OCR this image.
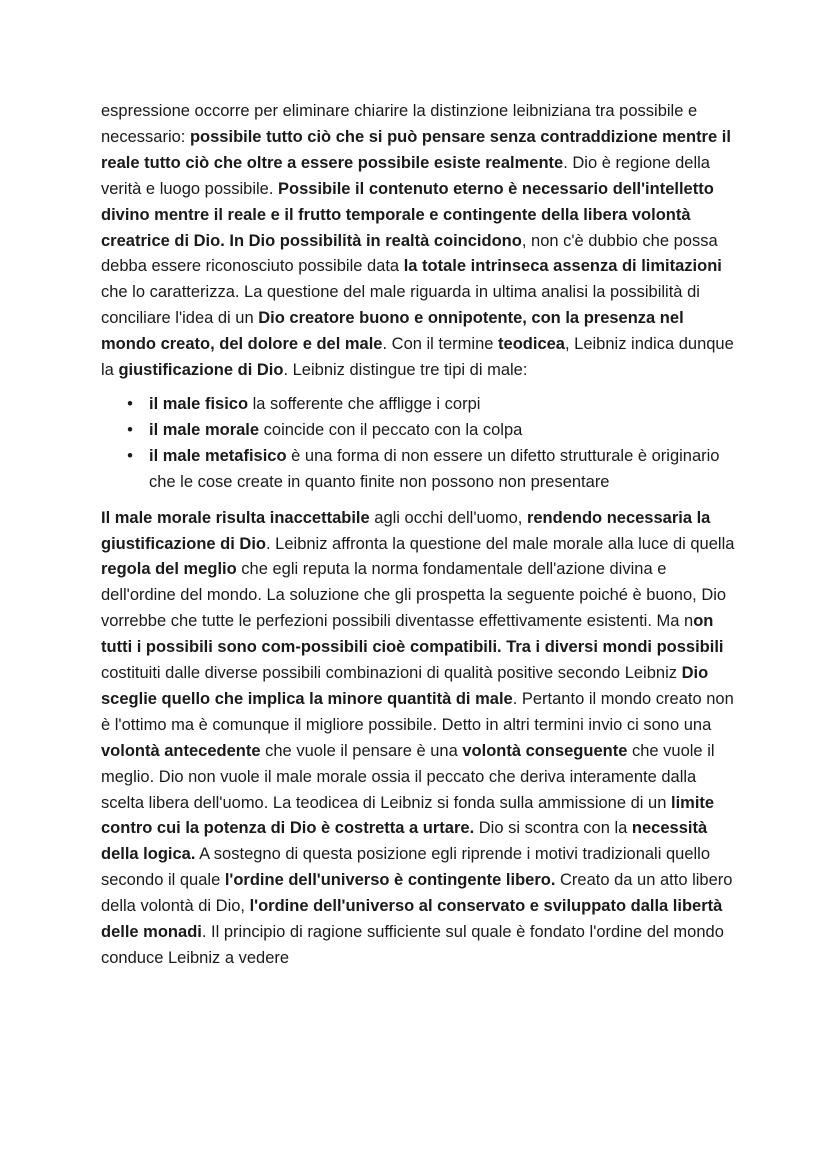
espressione occorre per eliminare chiarire la distinzione leibniziana tra possibile e necessario: possibile tutto ciò che si può pensare senza contraddizione mentre il reale tutto ciò che oltre a essere possibile esiste realmente. Dio è regione della verità e luogo possibile. Possibile il contenuto eterno è necessario dell'intelletto divino mentre il reale e il frutto temporale e contingente della libera volontà creatrice di Dio. In Dio possibilità in realtà coincidono, non c'è dubbio che possa debba essere riconosciuto possibile data la totale intrinseca assenza di limitazioni che lo caratterizza. La questione del male riguarda in ultima analisi la possibilità di conciliare l'idea di un Dio creatore buono e onnipotente, con la presenza nel mondo creato, del dolore e del male. Con il termine teodicea, Leibniz indica dunque la giustificazione di Dio. Leibniz distingue tre tipi di male:

• il male fisico la sofferente che affligge i corpi
• il male morale coincide con il peccato con la colpa
• il male metafisico è una forma di non essere un difetto strutturale è originario che le cose create in quanto finite non possono non presentare

Il male morale risulta inaccettabile agli occhi dell'uomo, rendendo necessaria la giustificazione di Dio. Leibniz affronta la questione del male morale alla luce di quella regola del meglio che egli reputa la norma fondamentale dell'azione divina e dell'ordine del mondo. La soluzione che gli prospetta la seguente poiché è buono, Dio vorrebbe che tutte le perfezioni possibili diventasse effettivamente esistenti. Ma non tutti i possibili sono com-possibili cioè compatibili. Tra i diversi mondi possibili costituiti dalle diverse possibili combinazioni di qualità positive secondo Leibniz Dio sceglie quello che implica la minore quantità di male. Pertanto il mondo creato non è l'ottimo ma è comunque il migliore possibile. Detto in altri termini invio ci sono una volontà antecedente che vuole il pensare è una volontà conseguente che vuole il meglio. Dio non vuole il male morale ossia il peccato che deriva interamente dalla scelta libera dell'uomo. La teodicea di Leibniz si fonda sulla ammissione di un limite contro cui la potenza di Dio è costretta a urtare. Dio si scontra con la necessità della logica. A sostegno di questa posizione egli riprende i motivi tradizionali quello secondo il quale l'ordine dell'universo è contingente libero. Creato da un atto libero della volontà di Dio, l'ordine dell'universo al conservato e sviluppato dalla libertà delle monadi. Il principio di ragione sufficiente sul quale è fondato l'ordine del mondo conduce Leibniz a vedere
